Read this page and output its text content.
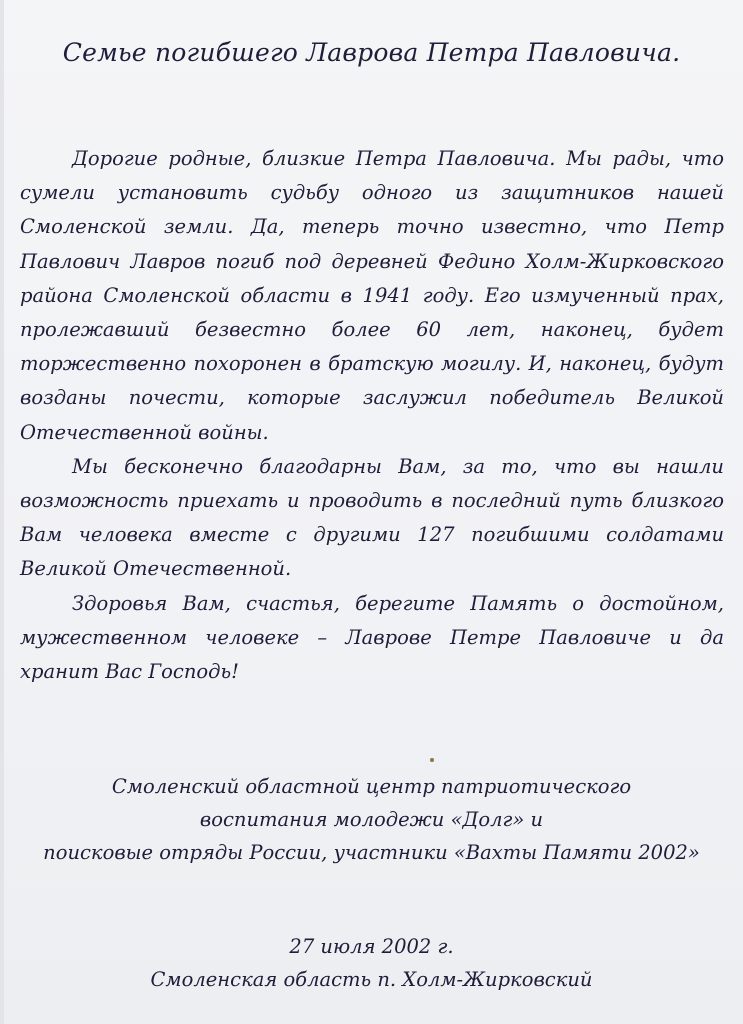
Семье погибшего Лаврова Петра Павловича.

Дорогие родные, близкие Петра Павловича. Мы рады, что сумели установить судьбу одного из защитников нашей Смоленской земли. Да, теперь точно известно, что Петр Павлович Лавров погиб под деревней Федино Холм-Жирковского района Смоленской области в 1941 году. Его измученный прах, пролежавший безвестно более 60 лет, наконец, будет торжественно похоронен в братскую могилу. И, наконец, будут возданы почести, которые заслужил победитель Великой Отечественной войны.

Мы бесконечно благодарны Вам, за то, что вы нашли возможность приехать и проводить в последний путь близкого Вам человека вместе с другими 127 погибшими солдатами Великой Отечественной.

Здоровья Вам, счастья, берегите Память о достойном, мужественном человеке – Лаврове Петре Павловиче и да хранит Вас Господь!

Смоленский областной центр патриотического
воспитания молодежи «Долг» и
поисковые отряды России, участники «Вахты Памяти 2002»
27 июля 2002 г.
Смоленская область п. Холм-Жирковский
